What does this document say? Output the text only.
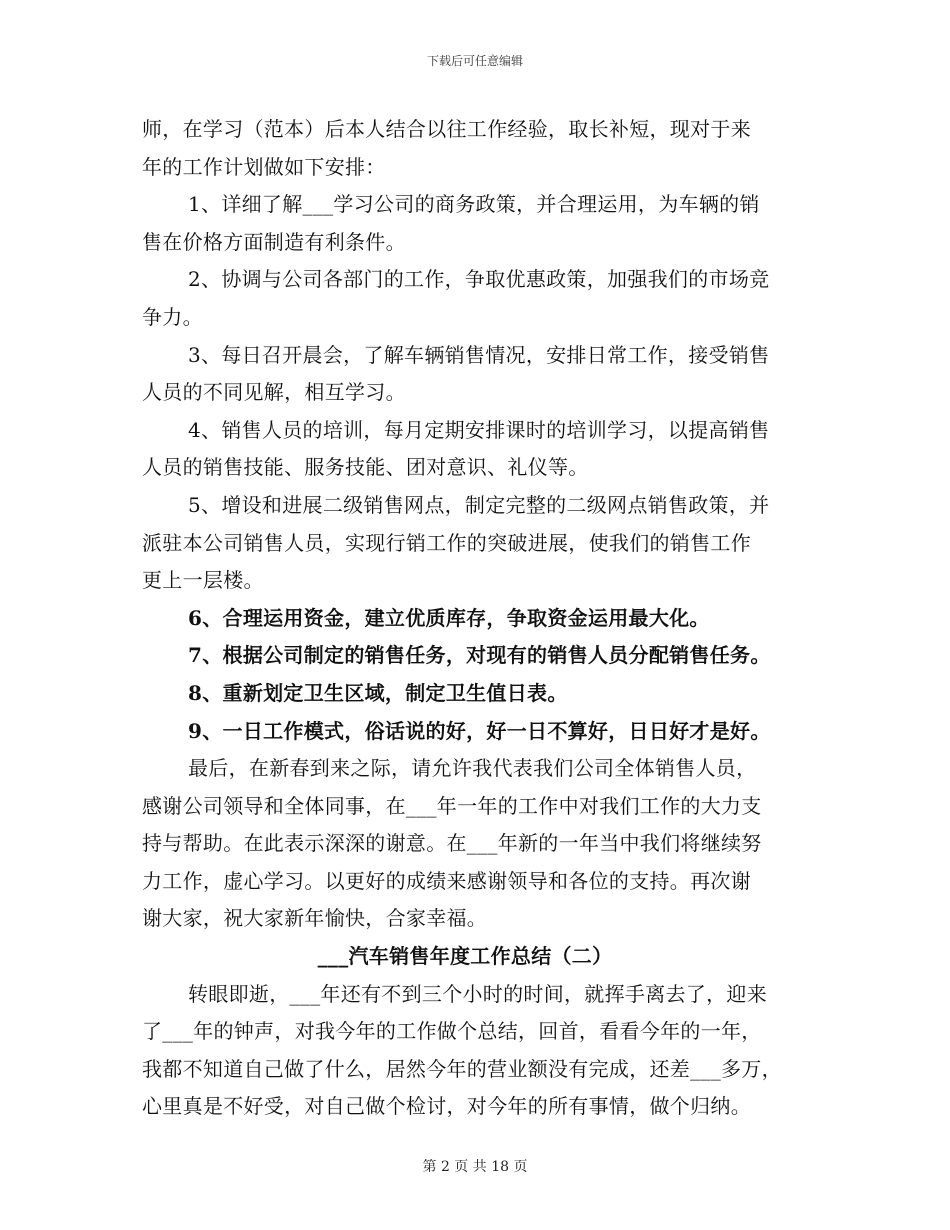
下载后可任意编辑
师，在学习（范本）后本人结合以往工作经验，取长补短，现对于来
年的工作计划做如下安排：
1、详细了解___学习公司的商务政策，并合理运用，为车辆的销
售在价格方面制造有利条件。
2、协调与公司各部门的工作，争取优惠政策，加强我们的市场竞
争力。
3、每日召开晨会，了解车辆销售情况，安排日常工作，接受销售
人员的不同见解，相互学习。
4、销售人员的培训，每月定期安排课时的培训学习，以提高销售
人员的销售技能、服务技能、团对意识、礼仪等。
5、增设和进展二级销售网点，制定完整的二级网点销售政策，并
派驻本公司销售人员，实现行销工作的突破进展，使我们的销售工作
更上一层楼。
6、合理运用资金，建立优质库存，争取资金运用最大化。
7、根据公司制定的销售任务，对现有的销售人员分配销售任务。
8、重新划定卫生区域，制定卫生值日表。
9、一日工作模式，俗话说的好，好一日不算好，日日好才是好。
最后，在新春到来之际，请允许我代表我们公司全体销售人员，
感谢公司领导和全体同事，在___年一年的工作中对我们工作的大力支
持与帮助。在此表示深深的谢意。在___年新的一年当中我们将继续努
力工作，虚心学习。以更好的成绩来感谢领导和各位的支持。再次谢
谢大家，祝大家新年愉快，合家幸福。
___汽车销售年度工作总结（二）
转眼即逝，___年还有不到三个小时的时间，就挥手离去了，迎来
了___年的钟声，对我今年的工作做个总结，回首，看看今年的一年，
我都不知道自己做了什么，居然今年的营业额没有完成，还差___多万，
心里真是不好受，对自己做个检讨，对今年的所有事情，做个归纳。
第 2 页 共 18 页
